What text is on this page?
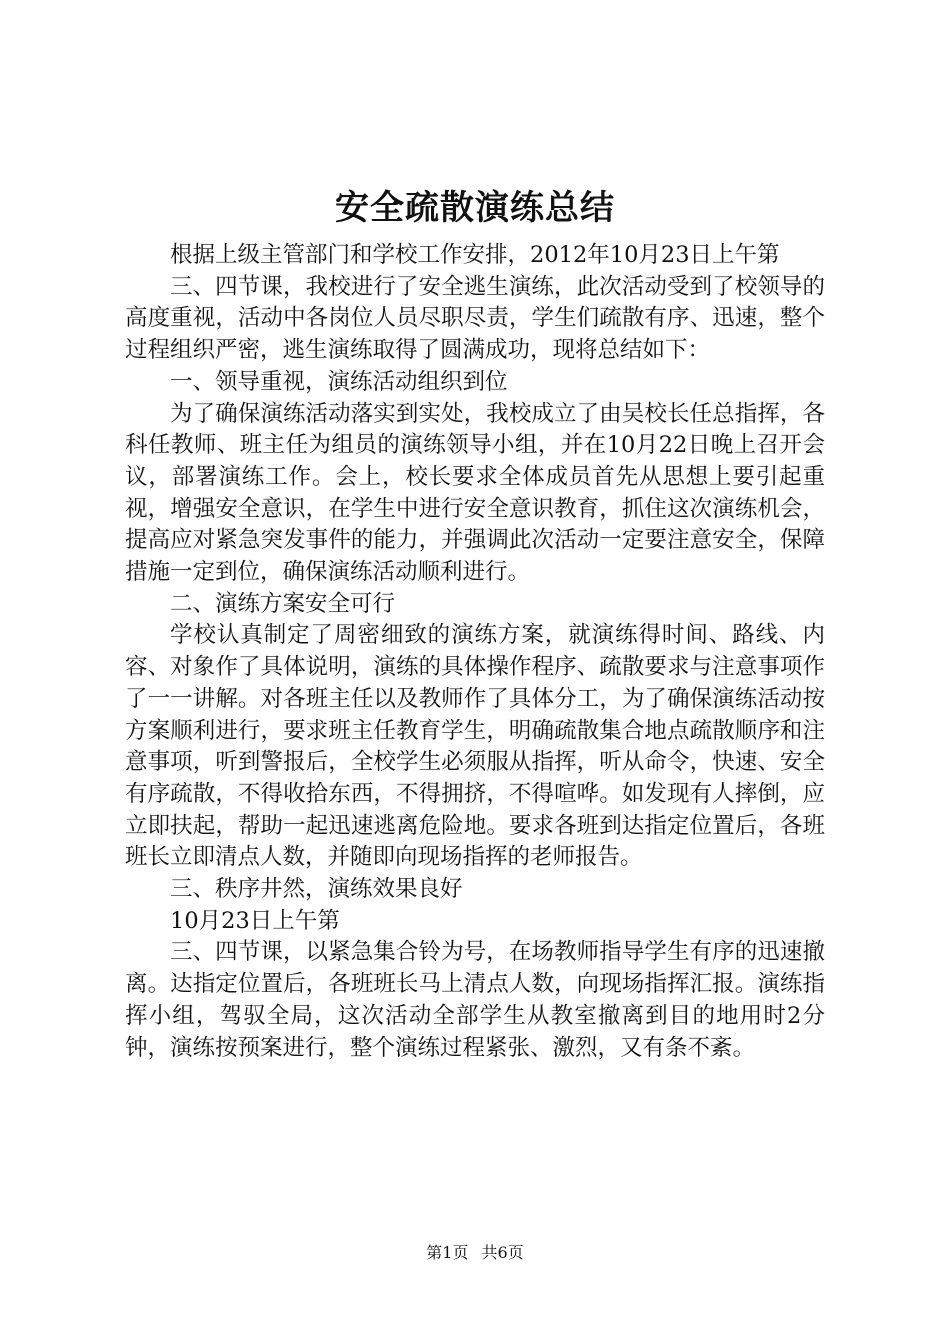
安全疏散演练总结

根据上级主管部门和学校工作安排，2012年10月23日上午第

三、四节课，我校进行了安全逃生演练，此次活动受到了校领导的高度重视，活动中各岗位人员尽职尽责，学生们疏散有序、迅速，整个过程组织严密，逃生演练取得了圆满成功，现将总结如下：

一、领导重视，演练活动组织到位

为了确保演练活动落实到实处，我校成立了由吴校长任总指挥，各科任教师、班主任为组员的演练领导小组，并在10月22日晚上召开会议，部署演练工作。会上，校长要求全体成员首先从思想上要引起重视，增强安全意识，在学生中进行安全意识教育，抓住这次演练机会，提高应对紧急突发事件的能力，并强调此次活动一定要注意安全，保障措施一定到位，确保演练活动顺利进行。

二、演练方案安全可行

学校认真制定了周密细致的演练方案，就演练得时间、路线、内容、对象作了具体说明，演练的具体操作程序、疏散要求与注意事项作了一一讲解。对各班主任以及教师作了具体分工，为了确保演练活动按方案顺利进行，要求班主任教育学生，明确疏散集合地点疏散顺序和注意事项，听到警报后，全校学生必须服从指挥，听从命令，快速、安全有序疏散，不得收拾东西，不得拥挤，不得喧哗。如发现有人摔倒，应立即扶起，帮助一起迅速逃离危险地。要求各班到达指定位置后，各班班长立即清点人数，并随即向现场指挥的老师报告。

三、秩序井然，演练效果良好

10月23日上午第

三、四节课，以紧急集合铃为号，在场教师指导学生有序的迅速撤离。达指定位置后，各班班长马上清点人数，向现场指挥汇报。演练指挥小组，驾驭全局，这次活动全部学生从教室撤离到目的地用时2分钟，演练按预案进行，整个演练过程紧张、激烈，又有条不紊。

第1页 共6页
